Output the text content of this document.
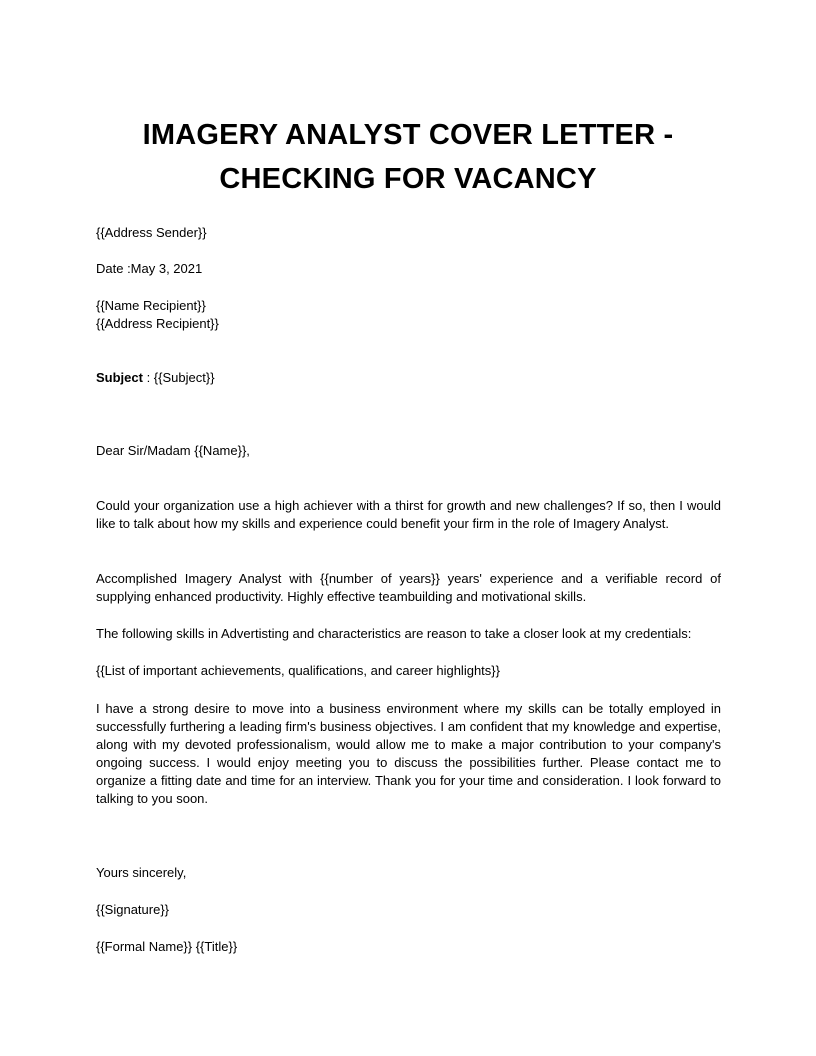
IMAGERY ANALYST COVER LETTER - CHECKING FOR VACANCY

{{Address Sender}}

Date :May 3, 2021

{{Name Recipient}}

{{Address Recipient}}

Subject : {{Subject}}

Dear Sir/Madam {{Name}},

Could your organization use a high achiever with a thirst for growth and new challenges? If so, then I would like to talk about how my skills and experience could benefit your firm in the role of Imagery Analyst.

Accomplished Imagery Analyst with {{number of years}} years' experience and a verifiable record of supplying enhanced productivity. Highly effective teambuilding and motivational skills.

The following skills in Advertisting and characteristics are reason to take a closer look at my credentials:

{{List of important achievements, qualifications, and career highlights}}

I have a strong desire to move into a business environment where my skills can be totally employed in successfully furthering a leading firm's business objectives. I am confident that my knowledge and expertise, along with my devoted professionalism, would allow me to make a major contribution to your company's ongoing success. I would enjoy meeting you to discuss the possibilities further. Please contact me to organize a fitting date and time for an interview. Thank you for your time and consideration. I look forward to talking to you soon.

Yours sincerely,

{{Signature}}

{{Formal Name}} {{Title}}
